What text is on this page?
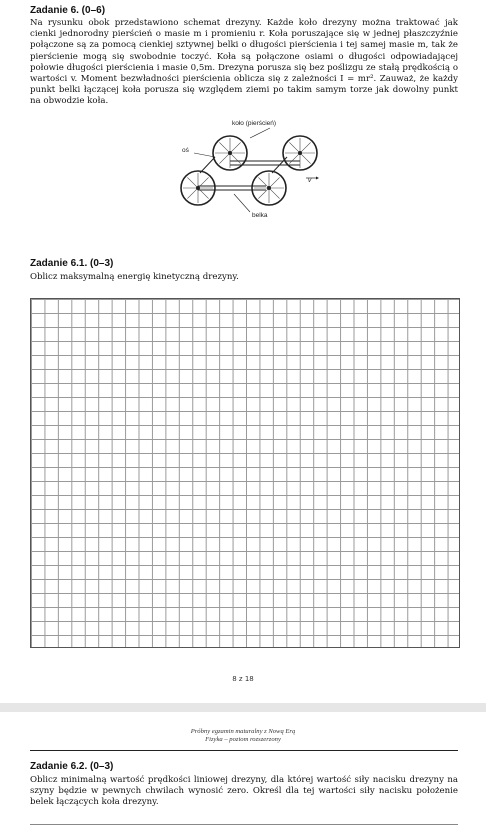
Zadanie 6. (0–6)

Na rysunku obok przedstawiono schemat drezyny. Każde koło drezyny można traktować jak cienki jednorodny pierścień o masie m i promieniu r. Koła poruszające się w jednej płaszczyźnie połączone są za pomocą cienkiej sztywnej belki o długości pierścienia i tej samej masie m, tak że pierścienie mogą się swobodnie toczyć. Koła są połączone osiami o długości odpowiadającej połowie długości pierścienia i masie 0,5m. Drezyna porusza się bez poślizgu ze stałą prędkością o wartości v. Moment bezwładności pierścienia oblicza się z zależności I = mr². Zauważ, że każdy punkt belki łączącej koła porusza się względem ziemi po takim samym torze jak dowolny punkt na obwodzie koła.

koło (pierścień)
oś
belka
v
Zadanie 6.1. (0–3)
Oblicz maksymalną energię kinetyczną drezyny.
8 z 18
Próbny egzamin maturalny z Nową Erą
Fizyka – poziom rozszerzony
Zadanie 6.2. (0–3)

Oblicz minimalną wartość prędkości liniowej drezyny, dla której wartość siły nacisku drezyny na szyny będzie w pewnych chwilach wynosić zero. Określ dla tej wartości siły nacisku położenie belek łączących koła drezyny.
